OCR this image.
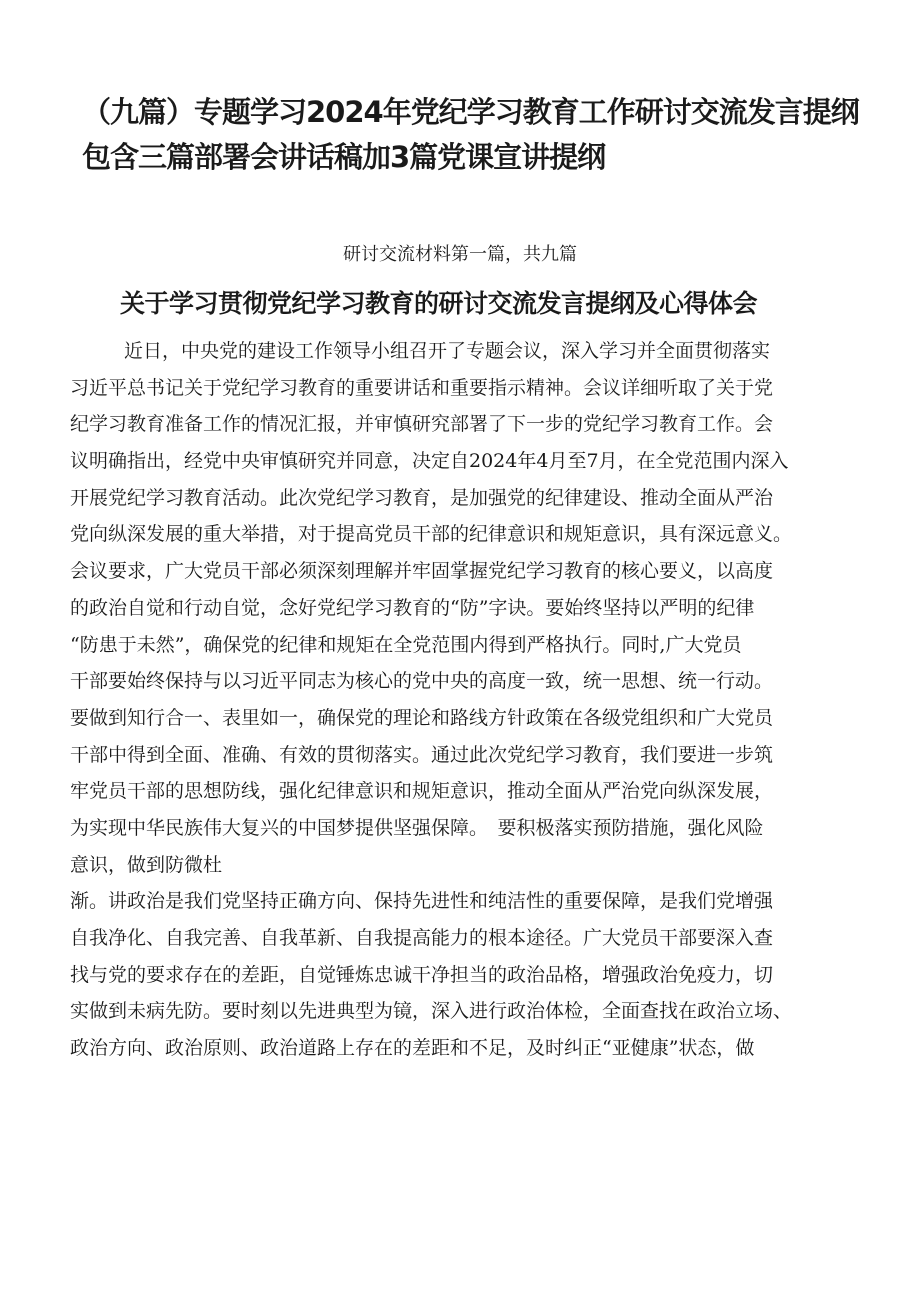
（九篇）专题学习2024年党纪学习教育工作研讨交流发言提纲包含三篇部署会讲话稿加3篇党课宣讲提纲

研讨交流材料第一篇，共九篇

关于学习贯彻党纪学习教育的研讨交流发言提纲及心得体会
近日，中央党的建设工作领导小组召开了专题会议，深入学习并全面贯彻落实
习近平总书记关于党纪学习教育的重要讲话和重要指示精神。会议详细听取了关于党
纪学习教育准备工作的情况汇报，并审慎研究部署了下一步的党纪学习教育工作。会
议明确指出，经党中央审慎研究并同意，决定自2024年4月至7月，在全党范围内深入
开展党纪学习教育活动。此次党纪学习教育，是加强党的纪律建设、推动全面从严治
党向纵深发展的重大举措，对于提高党员干部的纪律意识和规矩意识，具有深远意义。
会议要求，广大党员干部必须深刻理解并牢固掌握党纪学习教育的核心要义，以高度
的政治自觉和行动自觉，念好党纪学习教育的“防”字诀。要始终坚持以严明的纪律
“防患于未然”，确保党的纪律和规矩在全党范围内得到严格执行。同时,广大党员
干部要始终保持与以习近平同志为核心的党中央的高度一致，统一思想、统一行动。
要做到知行合一、表里如一，确保党的理论和路线方针政策在各级党组织和广大党员
干部中得到全面、准确、有效的贯彻落实。通过此次党纪学习教育，我们要进一步筑
牢党员干部的思想防线，强化纪律意识和规矩意识，推动全面从严治党向纵深发展，
为实现中华民族伟大复兴的中国梦提供坚强保障。　要积极落实预防措施，强化风险
意识，做到防微杜
渐。讲政治是我们党坚持正确方向、保持先进性和纯洁性的重要保障，是我们党增强
自我净化、自我完善、自我革新、自我提高能力的根本途径。广大党员干部要深入查
找与党的要求存在的差距，自觉锤炼忠诚干净担当的政治品格，增强政治免疫力，切
实做到未病先防。要时刻以先进典型为镜，深入进行政治体检，全面查找在政治立场、
政治方向、政治原则、政治道路上存在的差距和不足，及时纠正“亚健康”状态，做
